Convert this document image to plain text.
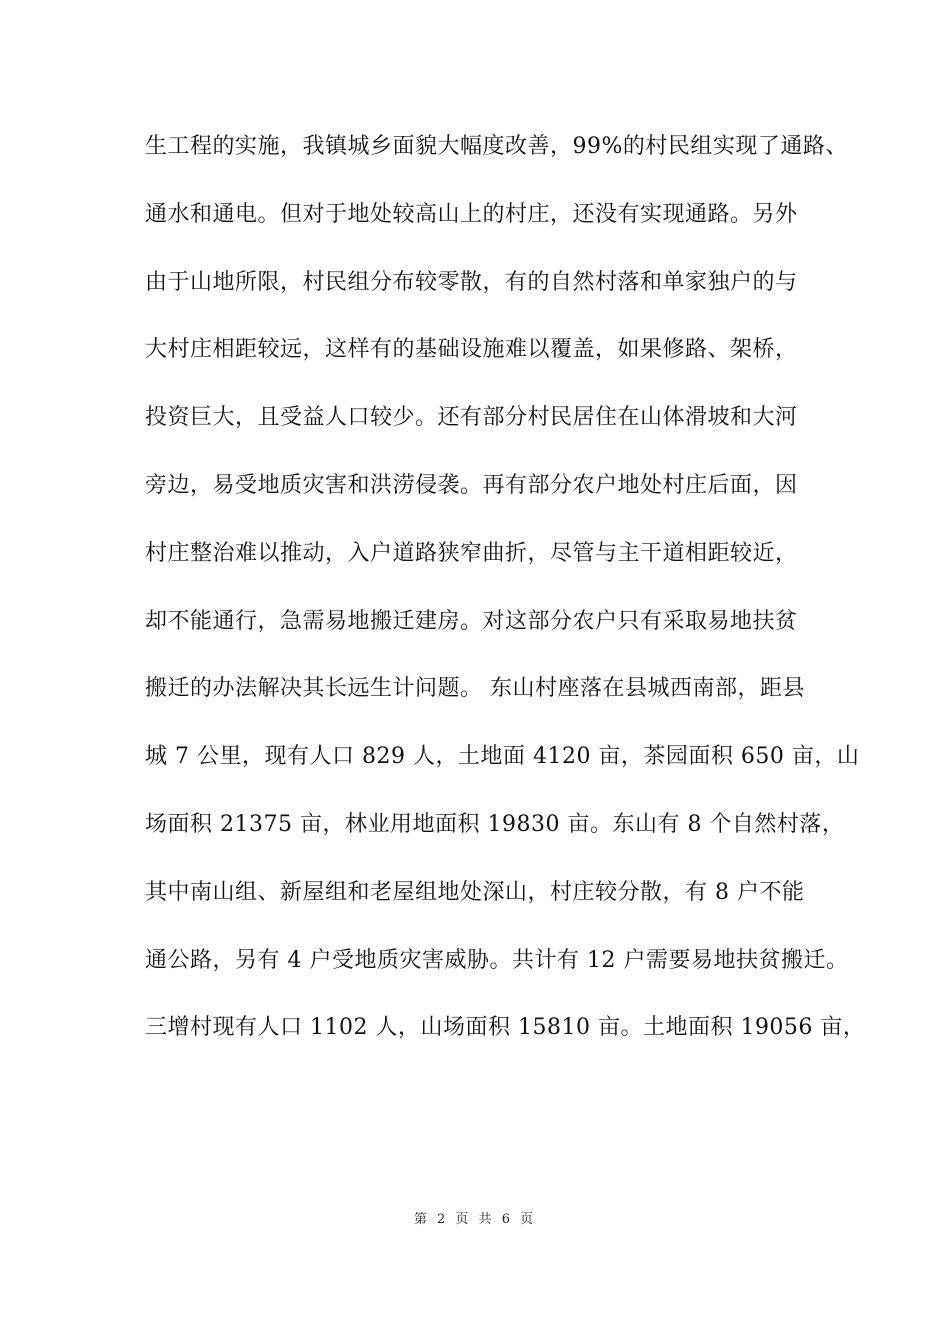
生工程的实施，我镇城乡面貌大幅度改善，99%的村民组实现了通路、
通水和通电。但对于地处较高山上的村庄，还没有实现通路。另外
由于山地所限，村民组分布较零散，有的自然村落和单家独户的与
大村庄相距较远，这样有的基础设施难以覆盖，如果修路、架桥，
投资巨大，且受益人口较少。还有部分村民居住在山体滑坡和大河
旁边，易受地质灾害和洪涝侵袭。再有部分农户地处村庄后面，因
村庄整治难以推动，入户道路狭窄曲折，尽管与主干道相距较近，
却不能通行，急需易地搬迁建房。对这部分农户只有采取易地扶贫
搬迁的办法解决其长远生计问题。 东山村座落在县城西南部，距县
城 7 公里，现有人口 829 人，土地面 4120 亩，茶园面积 650 亩，山
场面积 21375 亩，林业用地面积 19830 亩。东山有 8 个自然村落，
其中南山组、新屋组和老屋组地处深山，村庄较分散，有 8 户不能
通公路，另有 4 户受地质灾害威胁。共计有 12 户需要易地扶贫搬迁。
三增村现有人口 1102 人，山场面积 15810 亩。土地面积 19056 亩，
第 2 页 共 6 页
